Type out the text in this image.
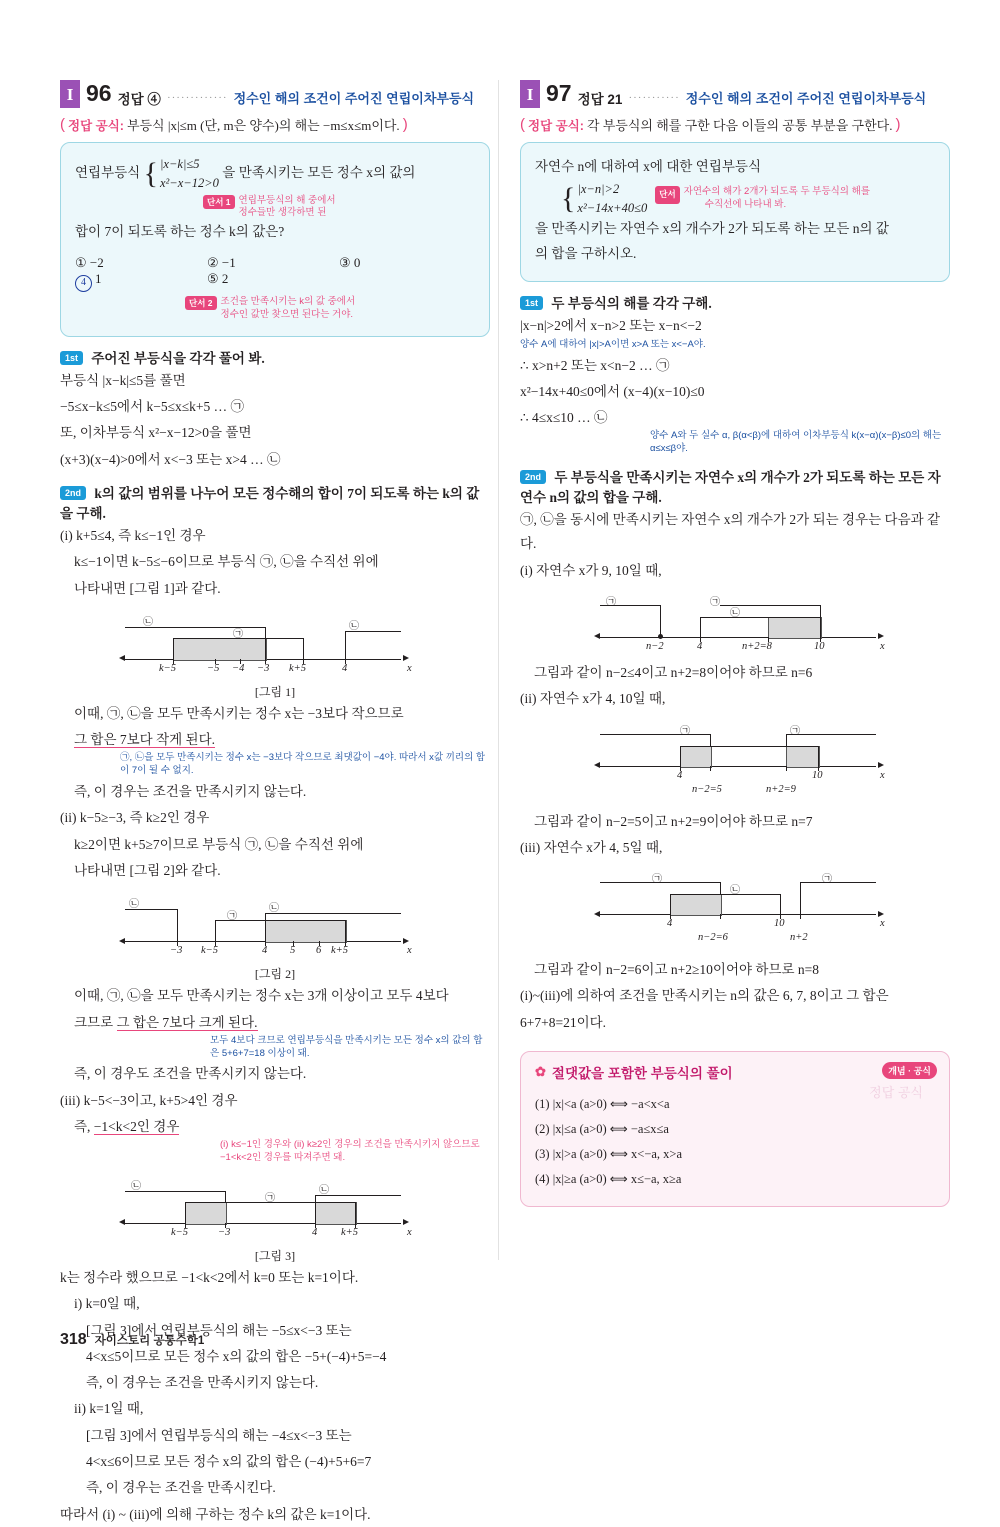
I 96 정답 ④ ············· 정수인 해의 조건이 주어진 연립이차부등식
( 정답 공식: 부등식 |x|≤m (단, m은 양수)의 해는 −m≤x≤m이다. )
연립부등식 { |x−k|≤5
x²−x−12>0
을 만족시키는 모든 정수 x의 값의
단서 1 연립부등식의 해 중에서
정수들만 생각하면 된
합이 7이 되도록 하는 정수 k의 값은?
① −2	② −1	③ 0
4 1	⑤ 2
단서 2 조건을 만족시키는 k의 값 중에서
정수인 값만 찾으면 된다는 거야.
1st 주어진 부등식을 각각 풀어 봐.
부등식 |x−k|≤5를 풀면
−5≤x−k≤5에서 k−5≤x≤k+5 … ㉠
또, 이차부등식 x²−x−12>0을 풀면
(x+3)(x−4)>0에서 x<−3 또는 x>4 … ㉡
2nd k의 값의 범위를 나누어 모든 정수해의 합이 7이 되도록 하는 k의 값을 구해.
(i) k+5≤4, 즉 k≤−1인 경우
k≤−1이면 k−5≤−6이므로 부등식 ㉠, ㉡을 수직선 위에
나타내면 [그림 1]과 같다.
㉠
㉡	㉡
k−5	−5 −4 −3 k+5	4	x
[그림 1]
이때, ㉠, ㉡을 모두 만족시키는 정수 x는 −3보다 작으므로
그 합은 7보다 작게 된다.
㉠, ㉡을 모두 만족시키는 정수 x는 −3보다 작으므로 최댓값이 −4야. 따라서 x값 끼리의 합이 7이 될 수 없지.
즉, 이 경우는 조건을 만족시키지 않는다.
(ii) k−5≥−3, 즉 k≥2인 경우
k≥2이면 k+5≥7이므로 부등식 ㉠, ㉡을 수직선 위에
나타내면 [그림 2]와 같다.
㉡
㉠
㉡
−3 k−5	4 5 6 k+5	x
[그림 2]
이때, ㉠, ㉡을 모두 만족시키는 정수 x는 3개 이상이고 모두 4보다
크므로 그 합은 7보다 크게 된다.
모두 4보다 크므로 연립부등식을 만족시키는 모든 정수 x의 값의 합은 5+6+7=18 이상이 돼.
즉, 이 경우도 조건을 만족시키지 않는다.
(iii) k−5<−3이고, k+5>4인 경우
즉, −1<k<2인 경우
(i) k≤−1인 경우와 (ii) k≥2인 경우의 조건을 만족시키지 않으므로 −1<k<2인 경우를 따져주면 돼.
㉡
㉠
㉡
k−5	−3	4 k+5	x
[그림 3]
k는 정수라 했으므로 −1<k<2에서 k=0 또는 k=1이다.
i) k=0일 때,
[그림 3]에서 연립부등식의 해는 −5≤x<−3 또는
4<x≤5이므로 모든 정수 x의 값의 합은 −5+(−4)+5=−4
즉, 이 경우는 조건을 만족시키지 않는다.
ii) k=1일 때,
[그림 3]에서 연립부등식의 해는 −4≤x<−3 또는
4<x≤6이므로 모든 정수 x의 값의 합은 (−4)+5+6=7
즉, 이 경우는 조건을 만족시킨다.
따라서 (i) ~ (iii)에 의해 구하는 정수 k의 값은 k=1이다.
I 97 정답 21 ··········· 정수인 해의 조건이 주어진 연립이차부등식
( 정답 공식: 각 부등식의 해를 구한 다음 이들의 공통 부분을 구한다. )
자연수 n에 대하여 x에 대한 연립부등식
{ |x−n|>2
x²−14x+40≤0
단서 자연수의 해가 2개가 되도록 두 부등식의 해를
수직선에 나타내 봐.
을 만족시키는 자연수 x의 개수가 2가 되도록 하는 모든 n의 값
의 합을 구하시오.
1st 두 부등식의 해를 각각 구해.
|x−n|>2에서 x−n>2 또는 x−n<−2
양수 A에 대하여 |x|>A이면 x>A 또는 x<−A야.
∴ x>n+2 또는 x<n−2 … ㉠
x²−14x+40≤0에서 (x−4)(x−10)≤0
∴ 4≤x≤10 … ㉡
양수 A와 두 실수 α, β(α<β)에 대하여 이차부등식 k(x−α)(x−β)≤0의 해는 α≤x≤β야.
2nd 두 부등식을 만족시키는 자연수 x의 개수가 2가 되도록 하는 모든 자연수 n의 값의 합을 구해.
㉠, ㉡을 동시에 만족시키는 자연수 x의 개수가 2가 되는 경우는 다음과 같다.
(i) 자연수 x가 9, 10일 때,
㉠
㉠
㉡
n−2	4	n+2=8	10	x
그림과 같이 n−2≤4이고 n+2=8이어야 하므로 n=6
(ii) 자연수 x가 4, 10일 때,
㉠	㉠
4	10
n−2=5	n+2=9
x
그림과 같이 n−2=5이고 n+2=9이어야 하므로 n=7
(iii) 자연수 x가 4, 5일 때,
㉠	㉠
㉡
4	10
n−2=6	n+2
x
그림과 같이 n−2=6이고 n+2≥10이어야 하므로 n=8
(i)~(iii)에 의하여 조건을 만족시키는 n의 값은 6, 7, 8이고 그 합은
6+7+8=21이다.
개념 · 공식
정답 공식
✿ 절댓값을 포함한 부등식의 풀이
(1) |x|<a (a>0) ⟺ −a<x<a
(2) |x|≤a (a>0) ⟺ −a≤x≤a
(3) |x|>a (a>0) ⟺ x<−a, x>a
(4) |x|≥a (a>0) ⟺ x≤−a, x≥a
318 자이스토리 공통수학1
